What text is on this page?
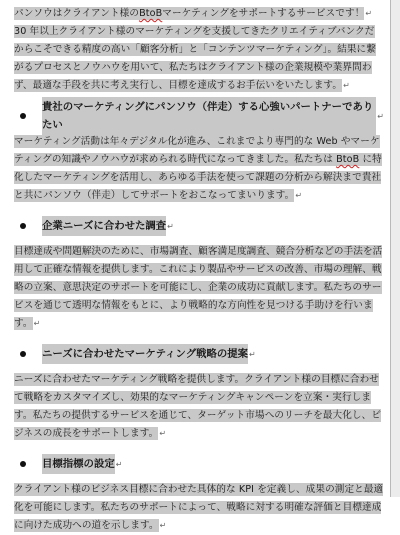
パンソウはクライアント様のBtoBマーケティングをサポートするサービスです！↵

30 年以上クライアント様のマーケティングを支援してきたクリエイティブバンクだからこそできる精度の高い「顧客分析」と「コンテンツマーケティング」。結果に繋がるプロセスとノウハウを用いて、私たちはクライアント様の企業規模や業界問わず、最適な手段を共に考え実行し、目標を達成するお手伝いをいたします。↵

貴社のマーケティングにパンソウ（伴走）する心強いパートナーでありたい
↵

マーケティング活動は年々デジタル化が進み、これまでより専門的な Web やマーケティングの知識やノウハウが求められる時代になってきました。私たちは BtoB に特化したマーケティングを活用し、あらゆる手法を使って課題の分析から解決まで貴社と共にパンソウ（伴走）してサポートをおこなってまいります。↵

企業ニーズに合わせた調査 ↵

目標達成や問題解決のために、市場調査、顧客満足度調査、競合分析などの手法を活用して正確な情報を提供します。これにより製品やサービスの改善、市場の理解、戦略の立案、意思決定のサポートを可能にし、企業の成功に貢献します。私たちのサービスを通じて透明な情報をもとに、より戦略的な方向性を見つける手助けを行います。↵

ニーズに合わせたマーケティング戦略の提案 ↵

ニーズに合わせたマーケティング戦略を提供します。クライアント様の目標に合わせて戦略をカスタマイズし、効果的なマーケティングキャンペーンを立案・実行します。私たちの提供するサービスを通じて、ターゲット市場へのリーチを最大化し、ビジネスの成長をサポートします。↵

目標指標の設定 ↵

クライアント様のビジネス目標に合わせた具体的な KPI を定義し、成果の測定と最適化を可能にします。私たちのサポートによって、戦略に対する明確な評価と目標達成に向けた成功への道を示します。↵
